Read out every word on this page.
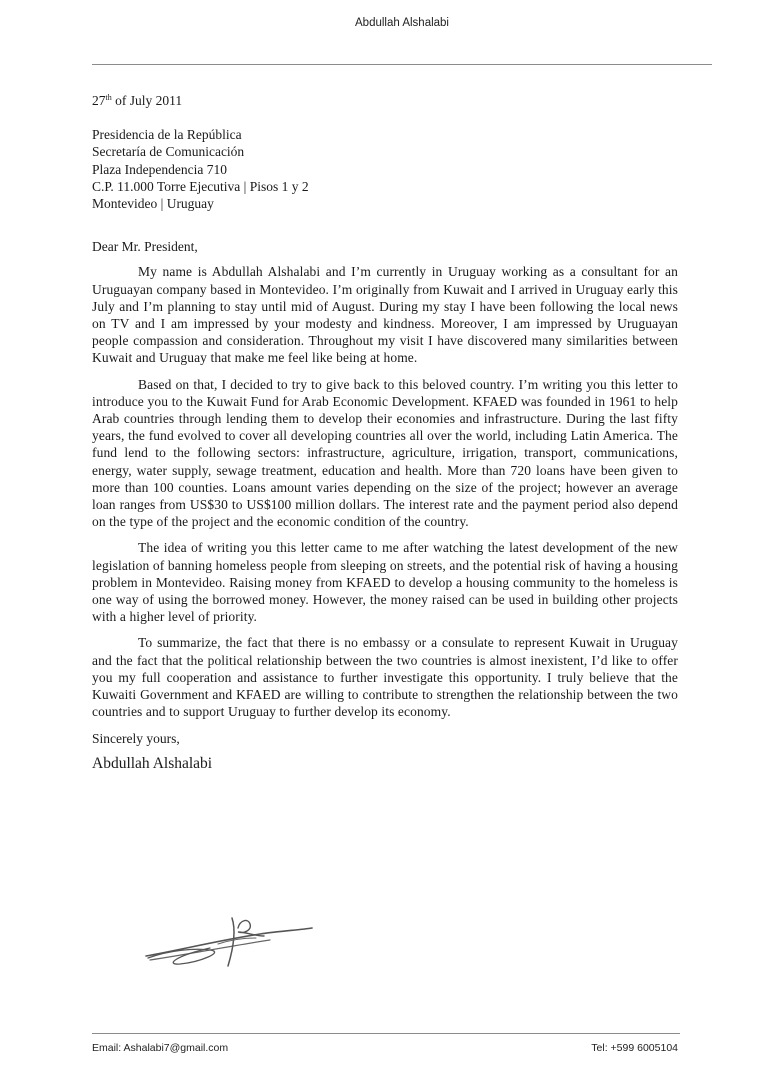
Abdullah Alshalabi

27th of July 2011

Presidencia de la República
Secretaría de Comunicación
Plaza Independencia 710
C.P. 11.000 Torre Ejecutiva | Pisos 1 y 2
Montevideo | Uruguay

Dear Mr. President,

My name is Abdullah Alshalabi and I’m currently in Uruguay working as a consultant for an Uruguayan company based in Montevideo. I’m originally from Kuwait and I arrived in Uruguay early this July and I’m planning to stay until mid of August. During my stay I have been following the local news on TV and I am impressed by your modesty and kindness. Moreover, I am impressed by Uruguayan people compassion and consideration. Throughout my visit I have discovered many similarities between Kuwait and Uruguay that make me feel like being at home.

Based on that, I decided to try to give back to this beloved country. I’m writing you this letter to introduce you to the Kuwait Fund for Arab Economic Development. KFAED was founded in 1961 to help Arab countries through lending them to develop their economies and infrastructure. During the last fifty years, the fund evolved to cover all developing countries all over the world, including Latin America. The fund lend to the following sectors: infrastructure, agriculture, irrigation, transport, communications, energy, water supply, sewage treatment, education and health. More than 720 loans have been given to more than 100 counties. Loans amount varies depending on the size of the project; however an average loan ranges from US$30 to US$100 million dollars. The interest rate and the payment period also depend on the type of the project and the economic condition of the country.

The idea of writing you this letter came to me after watching the latest development of the new legislation of banning homeless people from sleeping on streets, and the potential risk of having a housing problem in Montevideo. Raising money from KFAED to develop a housing community to the homeless is one way of using the borrowed money. However, the money raised can be used in building other projects with a higher level of priority.

To summarize, the fact that there is no embassy or a consulate to represent Kuwait in Uruguay and the fact that the political relationship between the two countries is almost inexistent, I’d like to offer you my full cooperation and assistance to further investigate this opportunity. I truly believe that the Kuwaiti Government and KFAED are willing to contribute to strengthen the relationship between the two countries and to support Uruguay to further develop its economy.

Sincerely yours,

Abdullah Alshalabi

Email: Ashalabi7@gmail.com	Tel: +599 6005104
